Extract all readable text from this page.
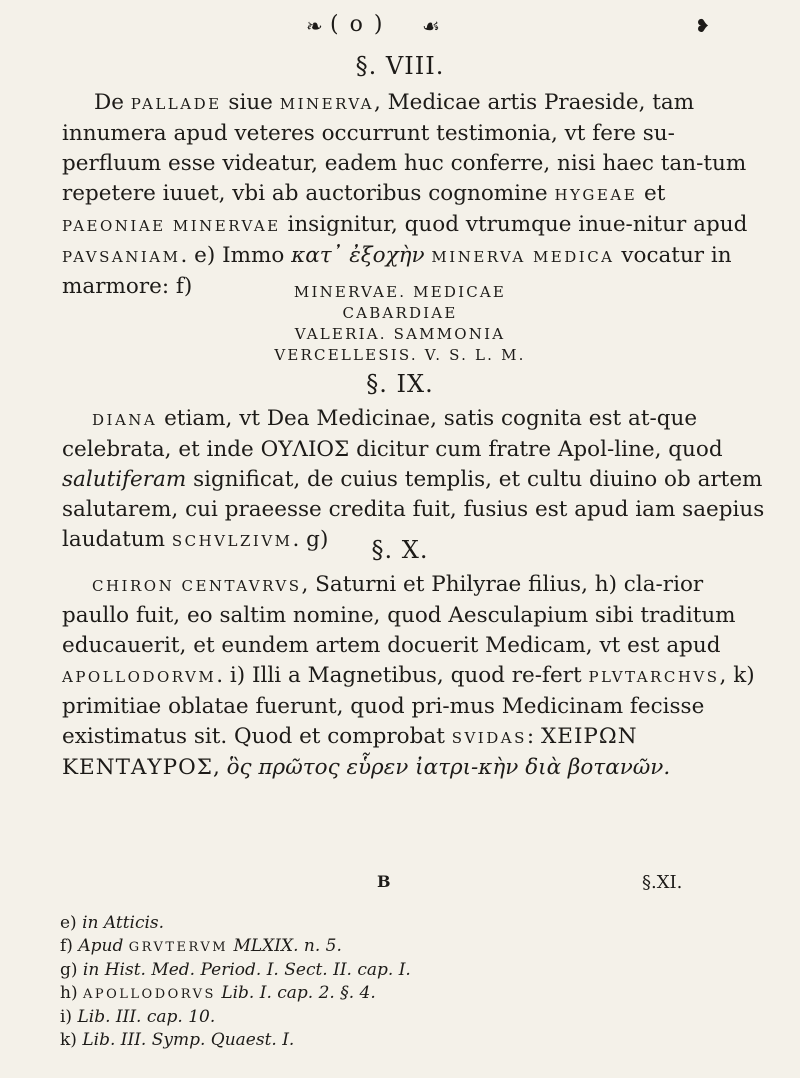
❧ ( o ) ☙	❥
§. VIII.
De PALLADE siue MINERVA, Medicae artis Praeside, tam innumera apud veteres occurrunt testimonia, vt fere su-perfluum esse videatur, eadem huc conferre, nisi haec tan-tum repetere iuuet, vbi ab auctoribus cognomine HYGEAE et PAEONIAE MINERVAE insignitur, quod vtrumque inue-nitur apud PAVSANIAM. e) Immo κατ᾽ ἐξοχὴν MINERVA MEDICA vocatur in marmore: f)	MINERVAE. MEDICAE
CABARDIAE
VALERIA. SAMMONIA
VERCELLESIS. V. S. L. M.
§. IX.
DIANA etiam, vt Dea Medicinae, satis cognita est at-que celebrata, et inde ΟΥΛΙΟΣ dicitur cum fratre Apol-line, quod salutiferam significat, de cuius templis, et cultu diuino ob artem salutarem, cui praeesse credita fuit, fusius est apud iam saepius laudatum SCHVLZIVM. g)	§. X.
CHIRON CENTAVRVS, Saturni et Philyrae filius, h) cla-rior paullo fuit, eo saltim nomine, quod Aesculapium sibi traditum educauerit, et eundem artem docuerit Medicam, vt est apud APOLLODORVM. i) Illi a Magnetibus, quod re-fert PLVTARCHVS, k) primitiae oblatae fuerunt, quod pri-mus Medicinam fecisse existimatus sit. Quod et comprobat SVIDAS: ΧΕΙΡΩΝ ΚΕΝΤΑΥΡΟΣ, ὃς πρῶτος εὗρεν ἰατρι-κὴν διὰ βοτανῶν.
B	§.XI.
e) in Atticis.
f) Apud GRVTERVM MLXIX. n. 5.
g) in Hist. Med. Period. I. Sect. II. cap. I.
h) APOLLODORVS Lib. I. cap. 2. §. 4.
i) Lib. III. cap. 10.
k) Lib. III. Symp. Quaest. I.
